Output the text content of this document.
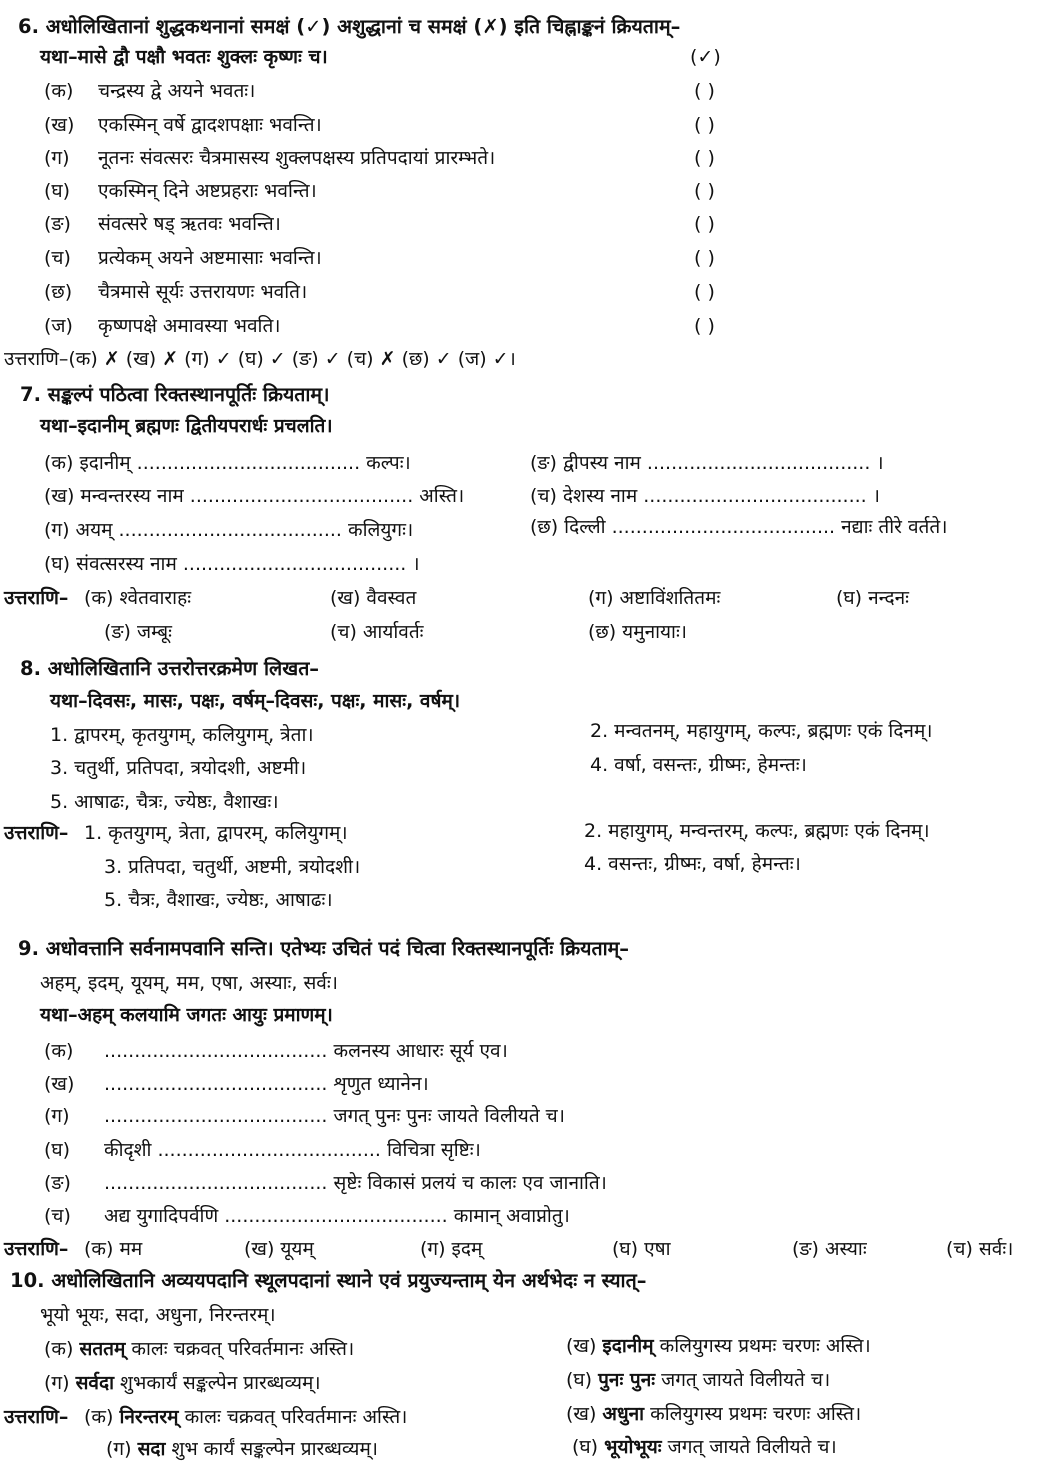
6. अधोलिखितानां शुद्धकथनानां समक्षं (✓) अशुद्धानां च समक्षं (✗) इति चिह्नाङ्कनं क्रियताम्–
यथा–मासे द्वौ पक्षौ भवतः शुक्लः कृष्णः च।	(✓)
(क) चन्द्रस्य द्वे अयने भवतः।	( )
(ख) एकस्मिन् वर्षे द्वादशपक्षाः भवन्ति।	( )
(ग) नूतनः संवत्सरः चैत्रमासस्य शुक्लपक्षस्य प्रतिपदायां प्रारम्भते।	( )
(घ) एकस्मिन् दिने अष्टप्रहराः भवन्ति।	( )
(ङ) संवत्सरे षड् ऋतवः भवन्ति।	( )
(च) प्रत्येकम् अयने अष्टमासाः भवन्ति।	( )
(छ) चैत्रमासे सूर्यः उत्तरायणः भवति।	( )
(ज) कृष्णपक्षे अमावस्या भवति।	( )
उत्तराणि–(क) ✗ (ख) ✗ (ग) ✓ (घ) ✓ (ङ) ✓ (च) ✗ (छ) ✓ (ज) ✓।
7. सङ्कल्पं पठित्वा रिक्तस्थानपूर्तिः क्रियताम्।
यथा–इदानीम् ब्रह्मणः द्वितीयपरार्धः प्रचलति।
(क) इदानीम् ..................................... कल्पः।
(ख) मन्वन्तरस्य नाम ..................................... अस्ति।
(ग) अयम् ..................................... कलियुगः।
(घ) संवत्सरस्य नाम ..................................... ।
(ङ) द्वीपस्य नाम ..................................... ।
(च) देशस्य नाम ..................................... ।
(छ) दिल्ली ..................................... नद्याः तीरे वर्तते।
उत्तराणि– (क) श्वेतवाराहः	(ख) वैवस्वत	(ग) अष्टाविंशतितमः	(घ) नन्दनः
(ङ) जम्बूः	(च) आर्यावर्तः	(छ) यमुनायाः।
8. अधोलिखितानि उत्तरोत्तरक्रमेण लिखत–
यथा–दिवसः, मासः, पक्षः, वर्षम्–दिवसः, पक्षः, मासः, वर्षम्।
1. द्वापरम्, कृतयुगम्, कलियुगम्, त्रेता।	2. मन्वतनम्, महायुगम्, कल्पः, ब्रह्मणः एकं दिनम्।
3. चतुर्थी, प्रतिपदा, त्रयोदशी, अष्टमी।	4. वर्षा, वसन्तः, ग्रीष्मः, हेमन्तः।
5. आषाढः, चैत्रः, ज्येष्ठः, वैशाखः।
उत्तराणि– 1. कृतयुगम्, त्रेता, द्वापरम्, कलियुगम्।	2. महायुगम्, मन्वन्तरम्, कल्पः, ब्रह्मणः एकं दिनम्।
3. प्रतिपदा, चतुर्थी, अष्टमी, त्रयोदशी।	4. वसन्तः, ग्रीष्मः, वर्षा, हेमन्तः।
5. चैत्रः, वैशाखः, ज्येष्ठः, आषाढः।
9. अधोवत्तानि सर्वनामपवानि सन्ति। एतेभ्यः उचितं पदं चित्वा रिक्तस्थानपूर्तिः क्रियताम्–
अहम्, इदम्, यूयम्, मम, एषा, अस्याः, सर्वः।
यथा–अहम् कलयामि जगतः आयुः प्रमाणम्।
(क) ..................................... कलनस्य आधारः सूर्य एव।
(ख) ..................................... शृणुत ध्यानेन।
(ग) ..................................... जगत् पुनः पुनः जायते विलीयते च।
(घ) कीदृशी ..................................... विचित्रा सृष्टिः।
(ङ) ..................................... सृष्टेः विकासं प्रलयं च कालः एव जानाति।
(च) अद्य युगादिपर्वणि ..................................... कामान् अवाप्नोतु।
उत्तराणि– (क) मम	(ख) यूयम्	(ग) इदम्	(घ) एषा	(ङ) अस्याः	(च) सर्वः।
10. अधोलिखितानि अव्ययपदानि स्थूलपदानां स्थाने एवं प्रयुज्यन्ताम् येन अर्थभेदः न स्यात्–
भूयो भूयः, सदा, अधुना, निरन्तरम्।
(क) सततम् कालः चक्रवत् परिवर्तमानः अस्ति।	(ख) इदानीम् कलियुगस्य प्रथमः चरणः अस्ति।
(ग) सर्वदा शुभकार्यं सङ्कल्पेन प्रारब्धव्यम्।	(घ) पुनः पुनः जगत् जायते विलीयते च।
उत्तराणि– (क) निरन्तरम् कालः चक्रवत् परिवर्तमानः अस्ति।	(ख) अधुना कलियुगस्य प्रथमः चरणः अस्ति।
(ग) सदा शुभ कार्यं सङ्कल्पेन प्रारब्धव्यम्।	(घ) भूयोभूयः जगत् जायते विलीयते च।
